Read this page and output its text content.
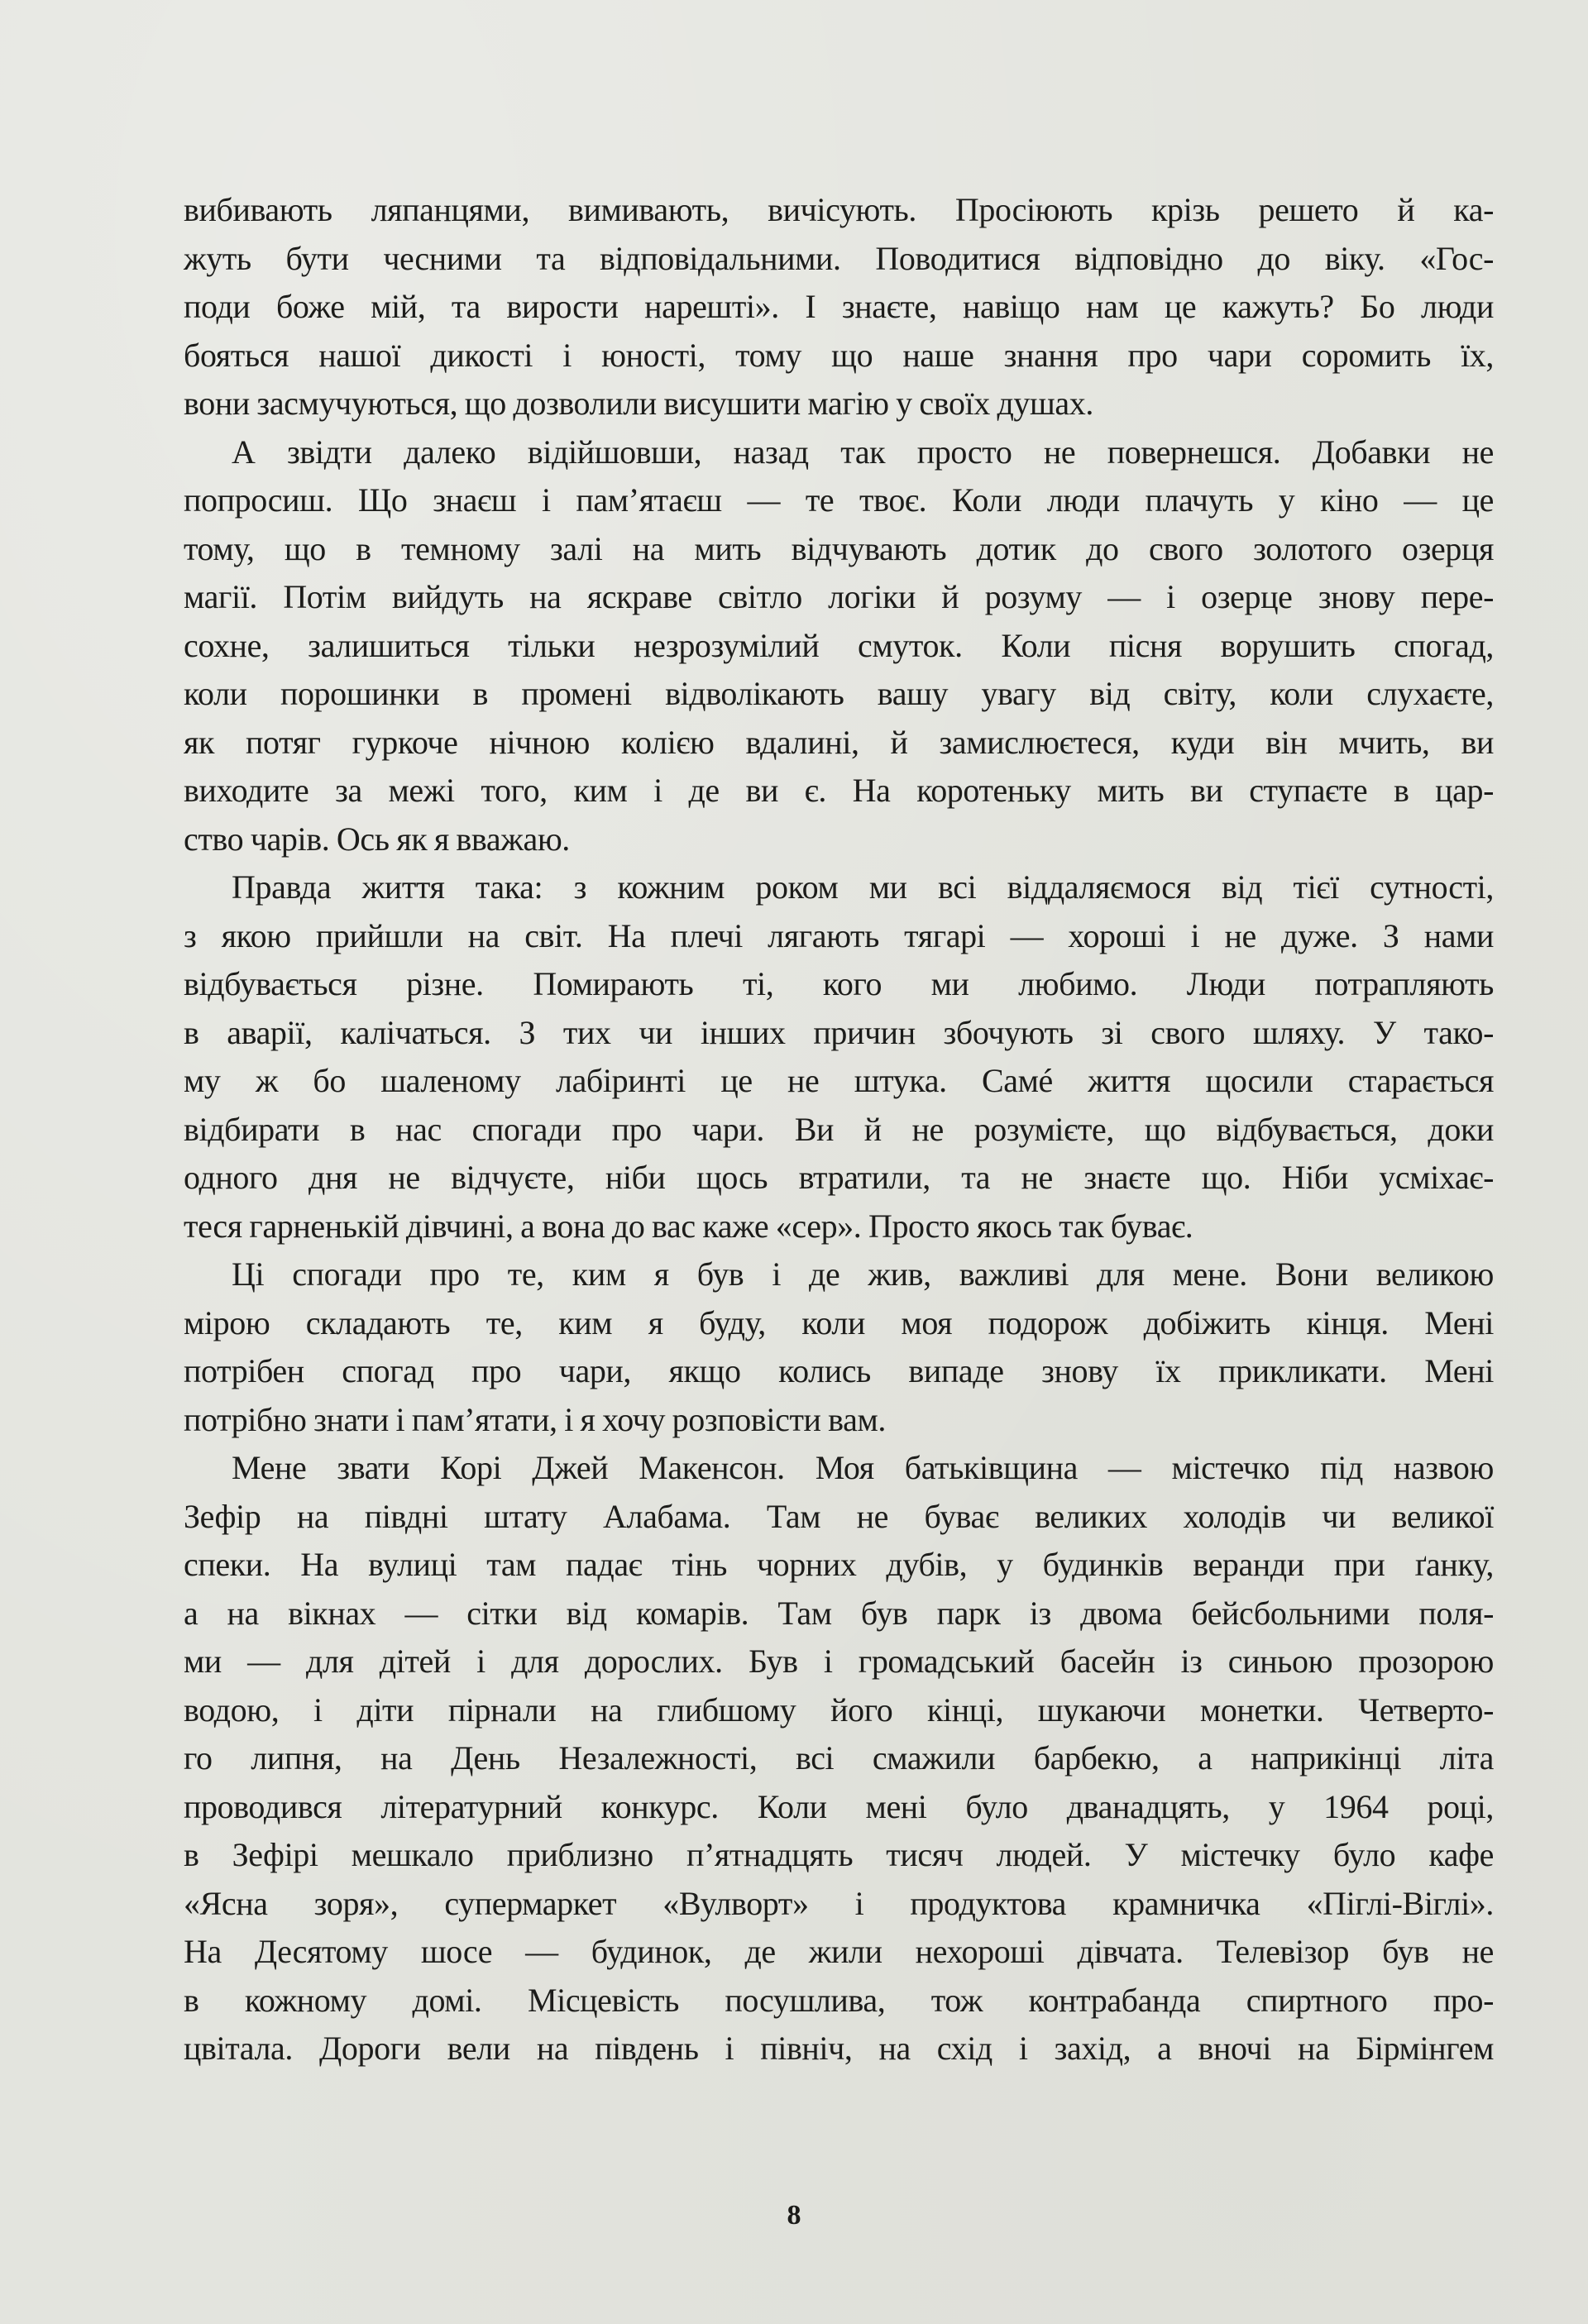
вибивають ляпанцями, вимивають, вичісують. Просіюють крізь решето й ка-
жуть бути чесними та відповідальними. Поводитися відповідно до віку. «Гос-
поди боже мій, та вирости нарешті». І знаєте, навіщо нам це кажуть? Бо люди
бояться нашої дикості і юності, тому що наше знання про чари соромить їх,
вони засмучуються, що дозволили висушити магію у своїх душах.
А звідти далеко відійшовши, назад так просто не повернешся. Добавки не
попросиш. Що знаєш і пам’ятаєш — те твоє. Коли люди плачуть у кіно — це
тому, що в темному залі на мить відчувають дотик до свого золотого озерця
магії. Потім вийдуть на яскраве світло логіки й розуму — і озерце знову пере-
сохне, залишиться тільки незрозумілий смуток. Коли пісня ворушить спогад,
коли порошинки в промені відволікають вашу увагу від світу, коли слухаєте,
як потяг гуркоче нічною колією вдалині, й замислюєтеся, куди він мчить, ви
виходите за межі того, ким і де ви є. На коротеньку мить ви ступаєте в цар-
ство чарів. Ось як я вважаю.
Правда життя така: з кожним роком ми всі віддаляємося від тієї сутності,
з якою прийшли на світ. На плечі лягають тягарі — хороші і не дуже. З нами
відбувається різне. Помирають ті, кого ми любимо. Люди потрапляють
в аварії, калічаться. З тих чи інших причин збочують зі свого шляху. У тако-
му ж бо шаленому лабіринті це не штука. Самé життя щосили старається
відбирати в нас спогади про чари. Ви й не розумієте, що відбувається, доки
одного дня не відчуєте, ніби щось втратили, та не знаєте що. Ніби усміхає-
теся гарненькій дівчині, а вона до вас каже «сер». Просто якось так буває.
Ці спогади про те, ким я був і де жив, важливі для мене. Вони великою
мірою складають те, ким я буду, коли моя подорож добіжить кінця. Мені
потрібен спогад про чари, якщо колись випаде знову їх прикликати. Мені
потрібно знати і пам’ятати, і я хочу розповісти вам.
Мене звати Корі Джей Макенсон. Моя батьківщина — містечко під назвою
Зефір на півдні штату Алабама. Там не буває великих холодів чи великої
спеки. На вулиці там падає тінь чорних дубів, у будинків веранди при ґанку,
а на вікнах — сітки від комарів. Там був парк із двома бейсбольними поля-
ми — для дітей і для дорослих. Був і громадський басейн із синьою прозорою
водою, і діти пірнали на глибшому його кінці, шукаючи монетки. Четверто-
го липня, на День Незалежності, всі смажили барбекю, а наприкінці літа
проводився літературний конкурс. Коли мені було дванадцять, у 1964 році,
в Зефірі мешкало приблизно п’ятнадцять тисяч людей. У містечку було кафе
«Ясна зоря», супермаркет «Вулворт» і продуктова крамничка «Піглі-Віглі».
На Десятому шосе — будинок, де жили нехороші дівчата. Телевізор був не
в кожному домі. Місцевість посушлива, тож контрабанда спиртного про-
цвітала. Дороги вели на південь і північ, на схід і захід, а вночі на Бірмінгем
8
